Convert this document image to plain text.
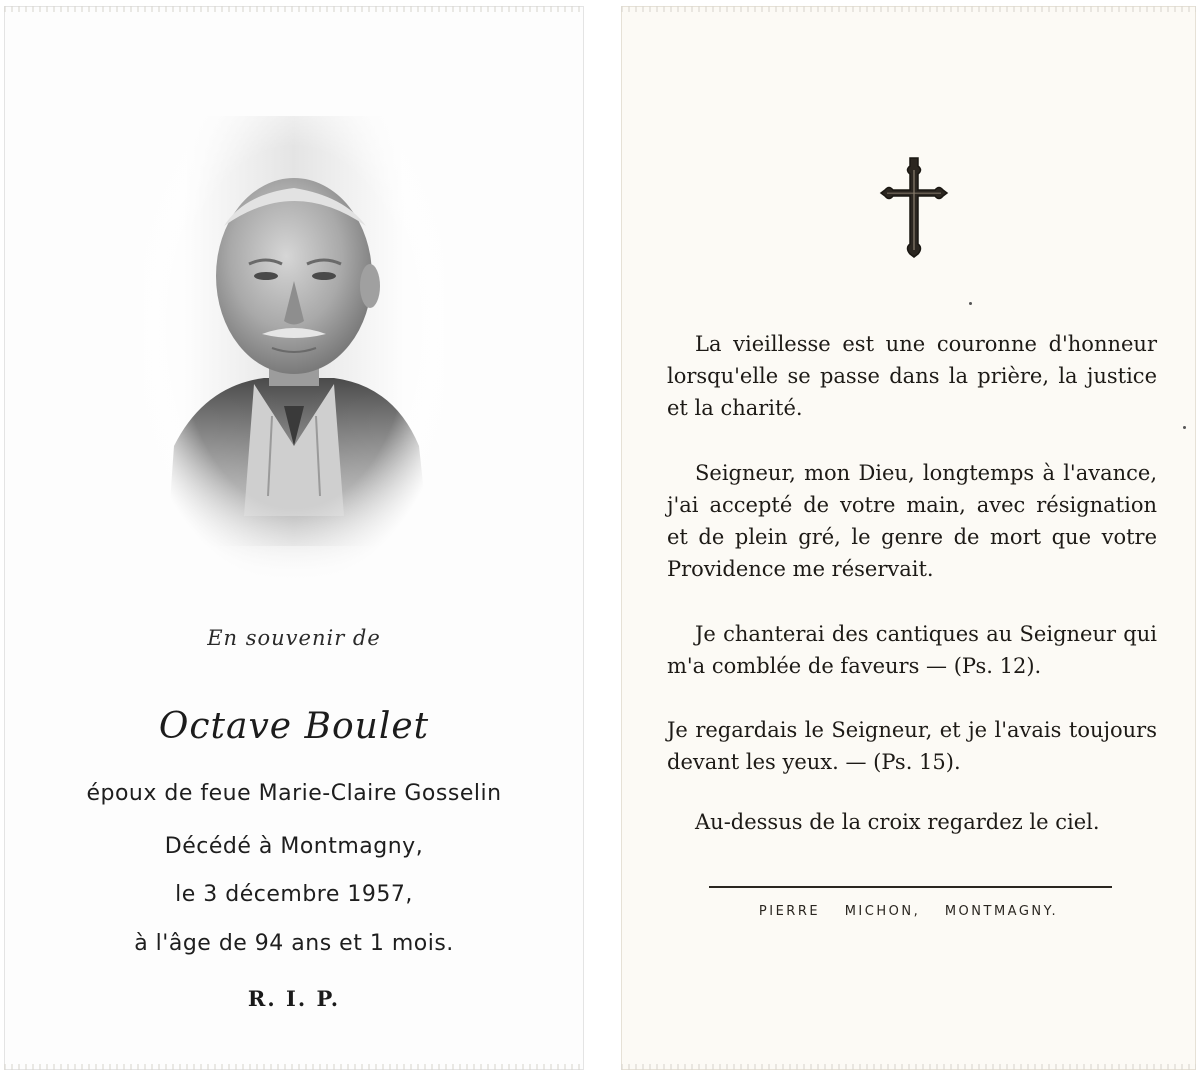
En souvenir de
Octave Boulet
époux de feue Marie-Claire Gosselin
Décédé à Montmagny,
le 3 décembre 1957,
à l'âge de 94 ans et 1 mois.
R. I. P.

La vieillesse est une couronne d'honneur lorsqu'elle se passe dans la prière, la justice et la charité.

Seigneur, mon Dieu, longtemps à l'avance, j'ai accepté de votre main, avec résignation et de plein gré, le genre de mort que votre Providence me réservait.

Je chanterai des cantiques au Seigneur qui m'a comblée de faveurs — (Ps. 12).

Je regardais le Seigneur, et je l'avais toujours devant les yeux. — (Ps. 15).

Au-dessus de la croix regardez le ciel.

PIERRE MICHON, MONTMAGNY.
